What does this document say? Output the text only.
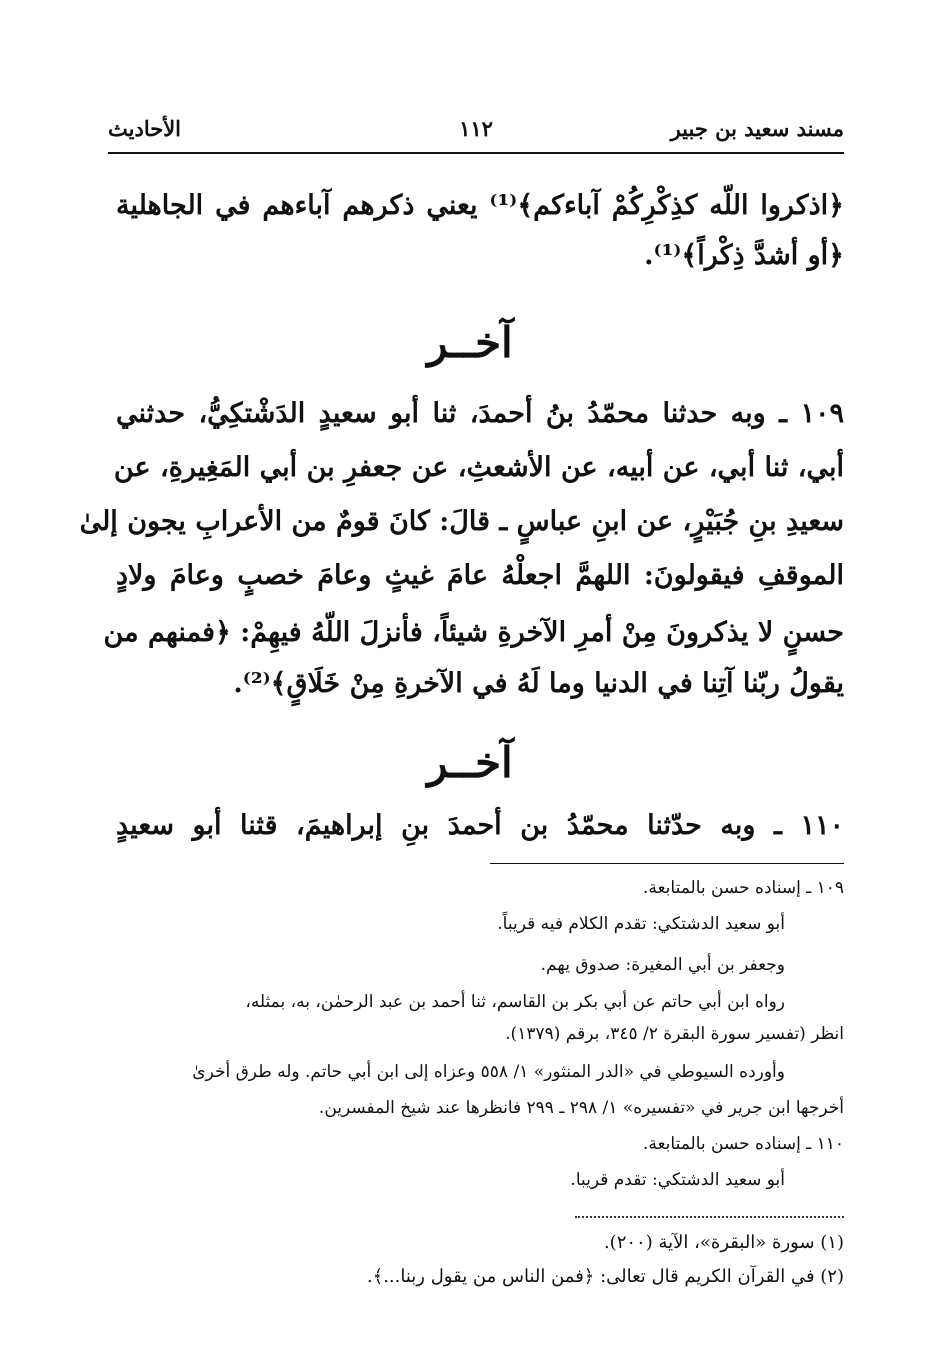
مسند سعيد بن جبير
١١٢
الأحاديث
﴿اذكروا اللّه كذِكْرِكُمْ آباءكم﴾⁽¹⁾ يعني ذكرهم آباءهم في الجاهلية
﴿أو أشدَّ ذِكْراً﴾⁽¹⁾.
آخــر
١٠٩ ـ وبه حدثنا محمّدُ بنُ أحمدَ، ثنا أبو سعيدٍ الدَشْتكِيُّ، حدثني
أبي، ثنا أبي، عن أبيه، عن الأشعثِ، عن جعفرِ بن أبي المَغِيرةِ، عن
سعيدِ بنِ جُبَيْرٍ، عن ابنِ عباسٍ ـ قالَ: كانَ قومٌ من الأعرابِ يجون إلىٰ
الموقفِ فيقولونَ: اللهمَّ اجعلْهُ عامَ غيثٍ وعامَ خصبٍ وعامَ ولادٍ
حسنٍ لا يذكرونَ مِنْ أمرِ الآخرةِ شيئاً، فأنزلَ اللّهُ فيهِمْ: ﴿فمنهم من
يقولُ ربّنا آتِنا في الدنيا وما لَهُ في الآخرةِ مِنْ خَلَاقٍ﴾⁽²⁾.
آخــر
١١٠ ـ وبه حدّثنا محمّدُ بن أحمدَ بنِ إبراهيمَ، قثنا أبو سعيدٍ
١٠٩ ـ إسناده حسن بالمتابعة.
أبو سعيد الدشتكي: تقدم الكلام فيه قريباً.
وجعفر بن أبي المغيرة: صدوق يهم.
رواه ابن أبي حاتم عن أبي بكر بن القاسم، ثنا أحمد بن عبد الرحمٰن، به، بمثله،
انظر (تفسير سورة البقرة ٢/ ٣٤٥، برقم (١٣٧٩).
وأورده السيوطي في «الدر المنثور» ١/ ٥٥٨ وعزاه إلى ابن أبي حاتم. وله طرق أخرىٰ
أخرجها ابن جرير في «تفسيره» ١/ ٢٩٨ ـ ٢٩٩ فانظرها عند شيخ المفسرين.
١١٠ ـ إسناده حسن بالمتابعة.
أبو سعيد الدشتكي: تقدم قريبا.
(١) سورة «البقرة»، الآية (٢٠٠).
(٢) في القرآن الكريم قال تعالى: ﴿فمن الناس من يقول ربنا...﴾.
